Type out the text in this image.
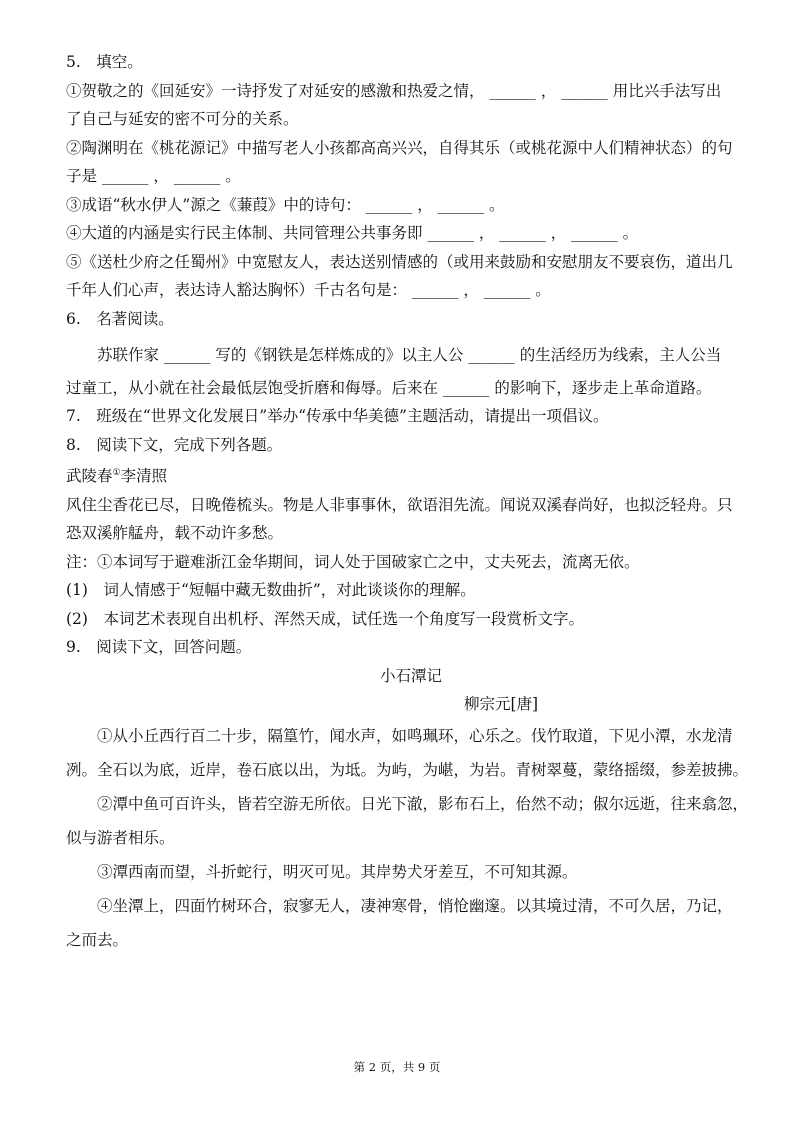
5.　填空。

①贺敬之的《回延安》一诗抒发了对延安的感激和热爱之情， ______ ， ______ 用比兴手法写出

了自己与延安的密不可分的关系。

②陶渊明在《桃花源记》中描写老人小孩都高高兴兴，自得其乐（或桃花源中人们精神状态）的句

子是 ______ ， ______ 。

③成语“秋水伊人”源之《蒹葭》中的诗句： ______ ， ______ 。

④大道的内涵是实行民主体制、共同管理公共事务即 ______ ， ______ ， ______ 。

⑤《送杜少府之任蜀州》中宽慰友人，表达送别情感的（或用来鼓励和安慰朋友不要哀伤，道出几

千年人们心声，表达诗人豁达胸怀）千古名句是： ______ ， ______ 。

6.　名著阅读。

苏联作家 ______ 写的《钢铁是怎样炼成的》以主人公 ______ 的生活经历为线索，主人公当

过童工，从小就在社会最低层饱受折磨和侮辱。后来在 ______ 的影响下，逐步走上革命道路。

7.　班级在“世界文化发展日”举办“传承中华美德”主题活动，请提出一项倡议。

8.　阅读下文，完成下列各题。

武陵春①李清照

风住尘香花已尽，日晚倦梳头。物是人非事事休，欲语泪先流。闻说双溪春尚好，也拟泛轻舟。只

恐双溪舴艋舟，载不动许多愁。

注：①本词写于避难浙江金华期间，词人处于国破家亡之中，丈夫死去，流离无依。

(1)　词人情感于“短幅中藏无数曲折”，对此谈谈你的理解。

(2)　本词艺术表现自出机杼、浑然天成，试任选一个角度写一段赏析文字。

9.　阅读下文，回答问题。

小石潭记

柳宗元[唐]

①从小丘西行百二十步，隔篁竹，闻水声，如鸣珮环，心乐之。伐竹取道，下见小潭，水龙清

冽。全石以为底，近岸，卷石底以出，为坻。为屿，为嵁，为岩。青树翠蔓，蒙络摇缀，参差披拂。

②潭中鱼可百许头，皆若空游无所依。日光下澈，影布石上，佁然不动；俶尔远逝，往来翕忽，

似与游者相乐。

③潭西南而望，斗折蛇行，明灭可见。其岸势犬牙差互，不可知其源。

④坐潭上，四面竹树环合，寂寥无人，凄神寒骨，悄怆幽邃。以其境过清，不可久居，乃记，

之而去。

第 2 页，共 9 页
